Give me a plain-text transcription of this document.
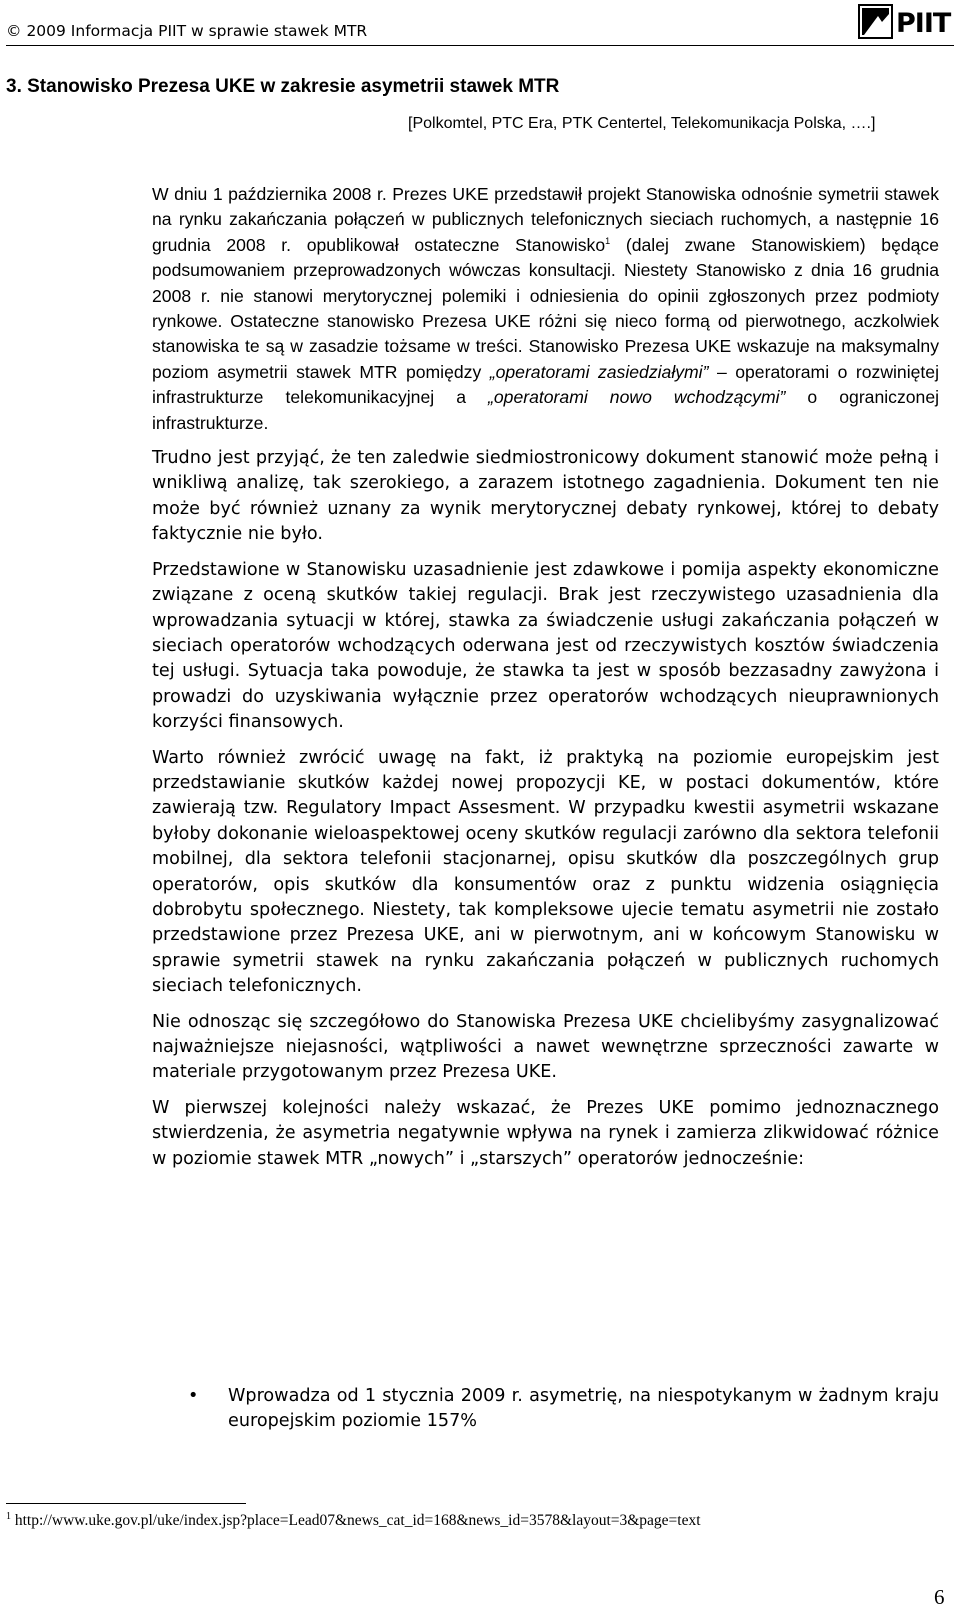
© 2009 Informacja PIIT w sprawie stawek MTR	PIIT
3. Stanowisko Prezesa UKE w zakresie asymetrii stawek MTR
[Polkomtel, PTC Era, PTK Centertel, Telekomunikacja Polska, ….]

W dniu 1 października 2008 r. Prezes UKE przedstawił projekt Stanowiska odnośnie symetrii stawek na rynku zakańczania połączeń w publicznych telefonicznych sieciach ruchomych, a następnie 16 grudnia 2008 r. opublikował ostateczne Stanowisko$^1$ (dalej zwane Stanowiskiem) będące podsumowaniem przeprowadzonych wówczas konsultacji. Niestety Stanowisko z dnia 16 grudnia 2008 r. nie stanowi merytorycznej polemiki i odniesienia do opinii zgłoszonych przez podmioty rynkowe. Ostateczne stanowisko Prezesa UKE różni się nieco formą od pierwotnego, aczkolwiek stanowiska te są w zasadzie tożsame w treści. Stanowisko Prezesa UKE wskazuje na maksymalny poziom asymetrii stawek MTR pomiędzy „operatorami zasiedziałymi” – operatorami o rozwiniętej infrastrukturze telekomunikacyjnej a „operatorami nowo wchodzącymi” o ograniczonej infrastrukturze.

Trudno jest przyjąć, że ten zaledwie siedmiostronicowy dokument stanowić może pełną i wnikliwą analizę, tak szerokiego, a zarazem istotnego zagadnienia. Dokument ten nie może być również uznany za wynik merytorycznej debaty rynkowej, której to debaty faktycznie nie było.

Przedstawione w Stanowisku uzasadnienie jest zdawkowe i pomija aspekty ekonomiczne związane z oceną skutków takiej regulacji. Brak jest rzeczywistego uzasadnienia dla wprowadzania sytuacji w której, stawka za świadczenie usługi zakańczania połączeń w sieciach operatorów wchodzących oderwana jest od rzeczywistych kosztów świadczenia tej usługi. Sytuacja taka powoduje, że stawka ta jest w sposób bezzasadny zawyżona i prowadzi do uzyskiwania wyłącznie przez operatorów wchodzących nieuprawnionych korzyści finansowych.

Warto również zwrócić uwagę na fakt, iż praktyką na poziomie europejskim jest przedstawianie skutków każdej nowej propozycji KE, w postaci dokumentów, które zawierają tzw. Regulatory Impact Assesment. W przypadku kwestii asymetrii wskazane byłoby dokonanie wieloaspektowej oceny skutków regulacji zarówno dla sektora telefonii mobilnej, dla sektora telefonii stacjonarnej, opisu skutków dla poszczególnych grup operatorów, opis skutków dla konsumentów oraz z punktu widzenia osiągnięcia dobrobytu społecznego. Niestety, tak kompleksowe ujecie tematu asymetrii nie zostało przedstawione przez Prezesa UKE, ani w pierwotnym, ani w końcowym Stanowisku w sprawie symetrii stawek na rynku zakańczania połączeń w publicznych ruchomych sieciach telefonicznych.

Nie odnosząc się szczegółowo do Stanowiska Prezesa UKE chcielibyśmy zasygnalizować najważniejsze niejasności, wątpliwości a nawet wewnętrzne sprzeczności zawarte w materiale przygotowanym przez Prezesa UKE.

W pierwszej kolejności należy wskazać, że Prezes UKE pomimo jednoznacznego stwierdzenia, że asymetria negatywnie wpływa na rynek i zamierza zlikwidować różnice w poziomie stawek MTR „nowych” i „starszych” operatorów jednocześnie:

• Wprowadza od 1 stycznia 2009 r. asymetrię, na niespotykanym w żadnym kraju europejskim poziomie 157%
$^1$ http://www.uke.gov.pl/uke/index.jsp?place=Lead07&news_cat_id=168&news_id=3578&layout=3&page=text
6
